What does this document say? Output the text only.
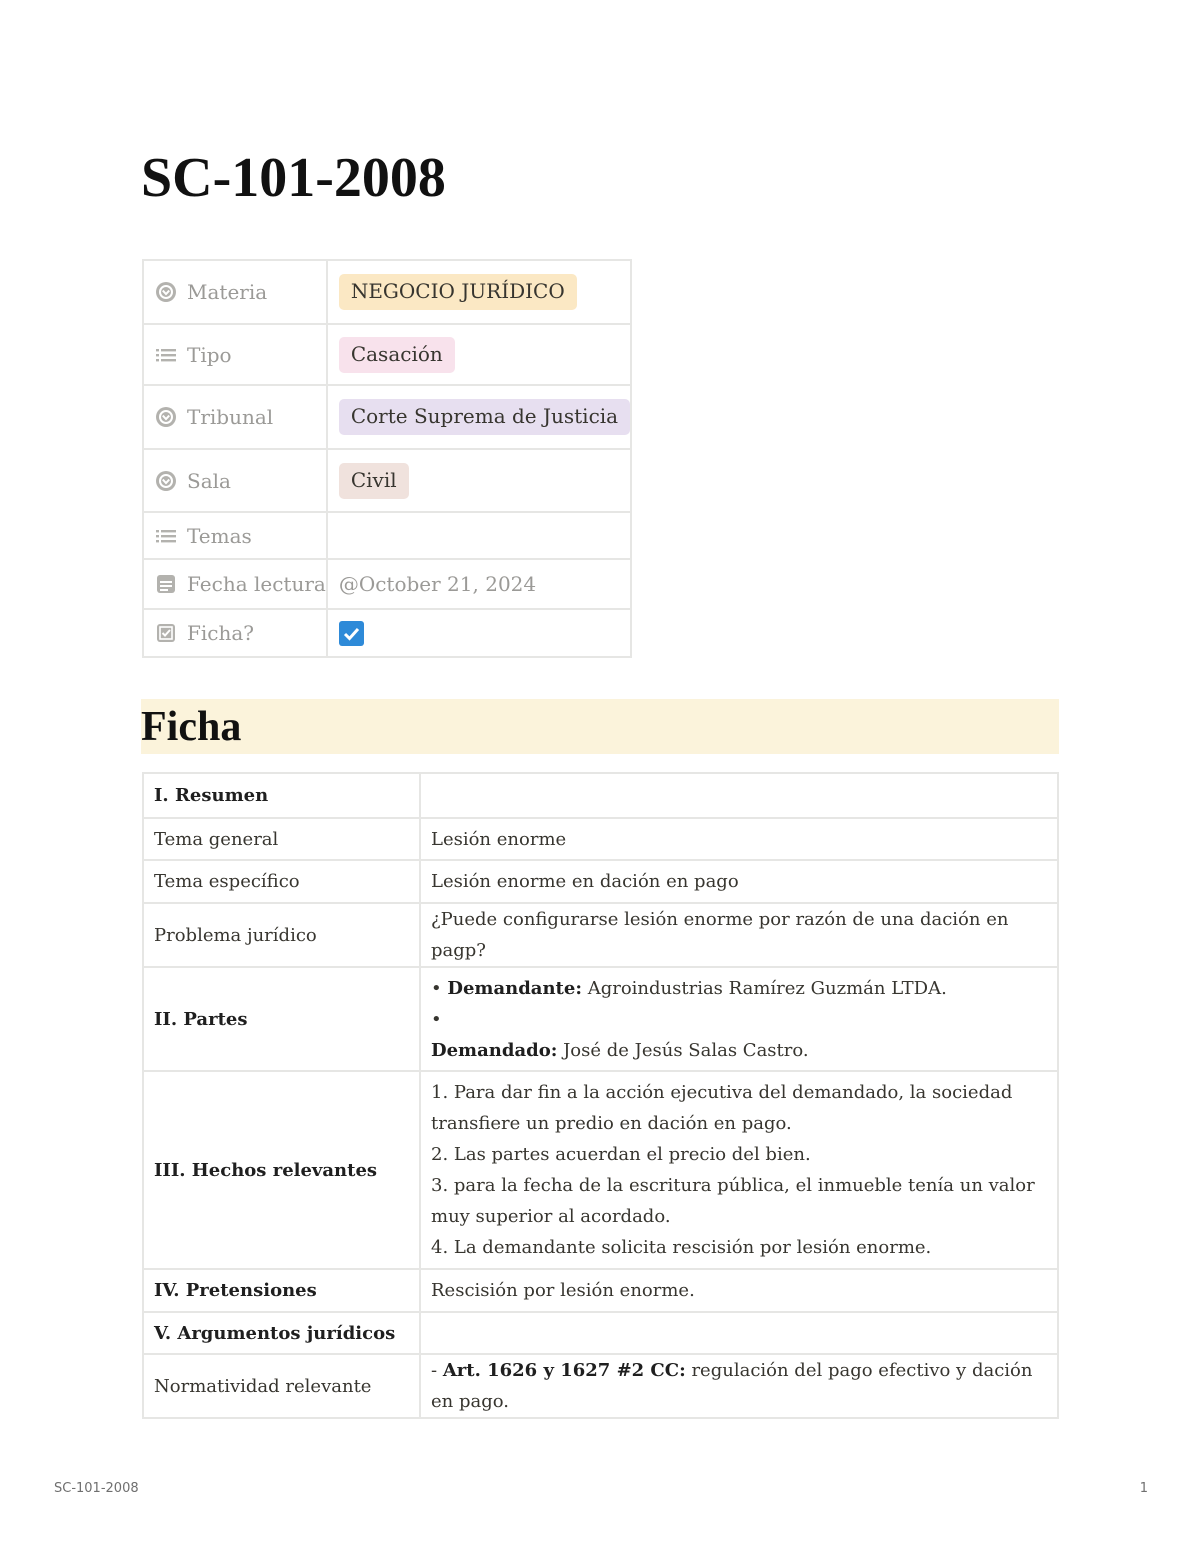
SC-101-2008
Materia	NEGOCIO JURÍDICO
Tipo	Casación
Tribunal	Corte Suprema de Justicia
Sala	Civil
Temas	
Fecha lectura	@October 21, 2024
Ficha?	
Ficha
I. Resumen	
Tema general	Lesión enorme
Tema específico	Lesión enorme en dación en pago
Problema jurídico	¿Puede configurarse lesión enorme por razón de una dación en pagp?
II. Partes	• Demandante: Agroindustrias Ramírez Guzmán LTDA.
•
Demandado: José de Jesús Salas Castro.

III. Hechos relevantes	1. Para dar fin a la acción ejecutiva del demandado, la sociedad transfiere un predio en dación en pago.
2. Las partes acuerdan el precio del bien.
3. para la fecha de la escritura pública, el inmueble tenía un valor muy superior al acordado.
4. La demandante solicita rescisión por lesión enorme.

IV. Pretensiones	Rescisión por lesión enorme.
V. Argumentos jurídicos	
Normatividad relevante	- Art. 1626 y 1627 #2 CC: regulación del pago efectivo y dación en pago.
SC-101-2008	1
